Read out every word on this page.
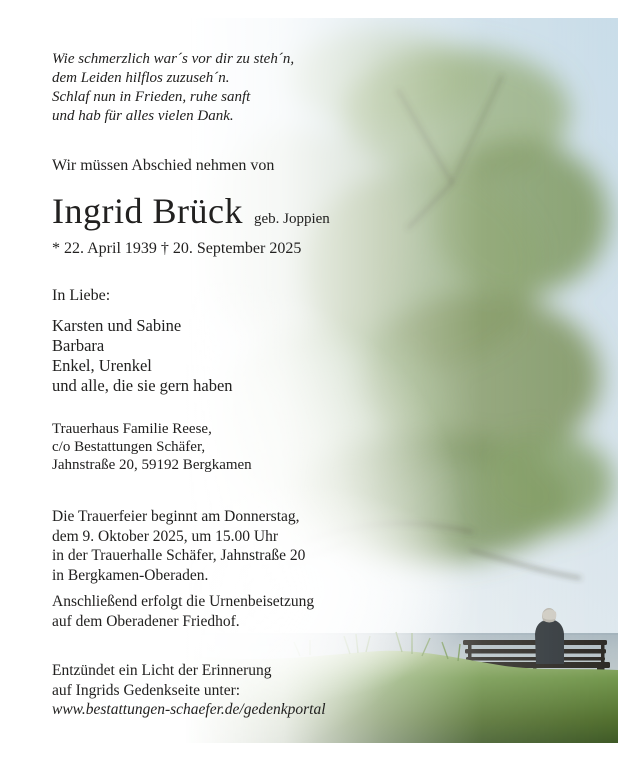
Wie schmerzlich war´s vor dir zu steh´n,
dem Leiden hilflos zuzuseh´n.
Schlaf nun in Frieden, ruhe sanft
und hab für alles vielen Dank.
Wir müssen Abschied nehmen von
Ingrid Brück geb. Joppien
* 22. April 1939 † 20. September 2025
In Liebe:
Karsten und Sabine
Barbara
Enkel, Urenkel
und alle, die sie gern haben
Trauerhaus Familie Reese,
c/o Bestattungen Schäfer,
Jahnstraße 20, 59192 Bergkamen
Die Trauerfeier beginnt am Donnerstag,
dem 9. Oktober 2025, um 15.00 Uhr
in der Trauerhalle Schäfer, Jahnstraße 20
in Bergkamen-Oberaden.
Anschließend erfolgt die Urnenbeisetzung
auf dem Oberadener Friedhof.
Entzündet ein Licht der Erinnerung
auf Ingrids Gedenkseite unter:
www.bestattungen-schaefer.de/gedenkportal
